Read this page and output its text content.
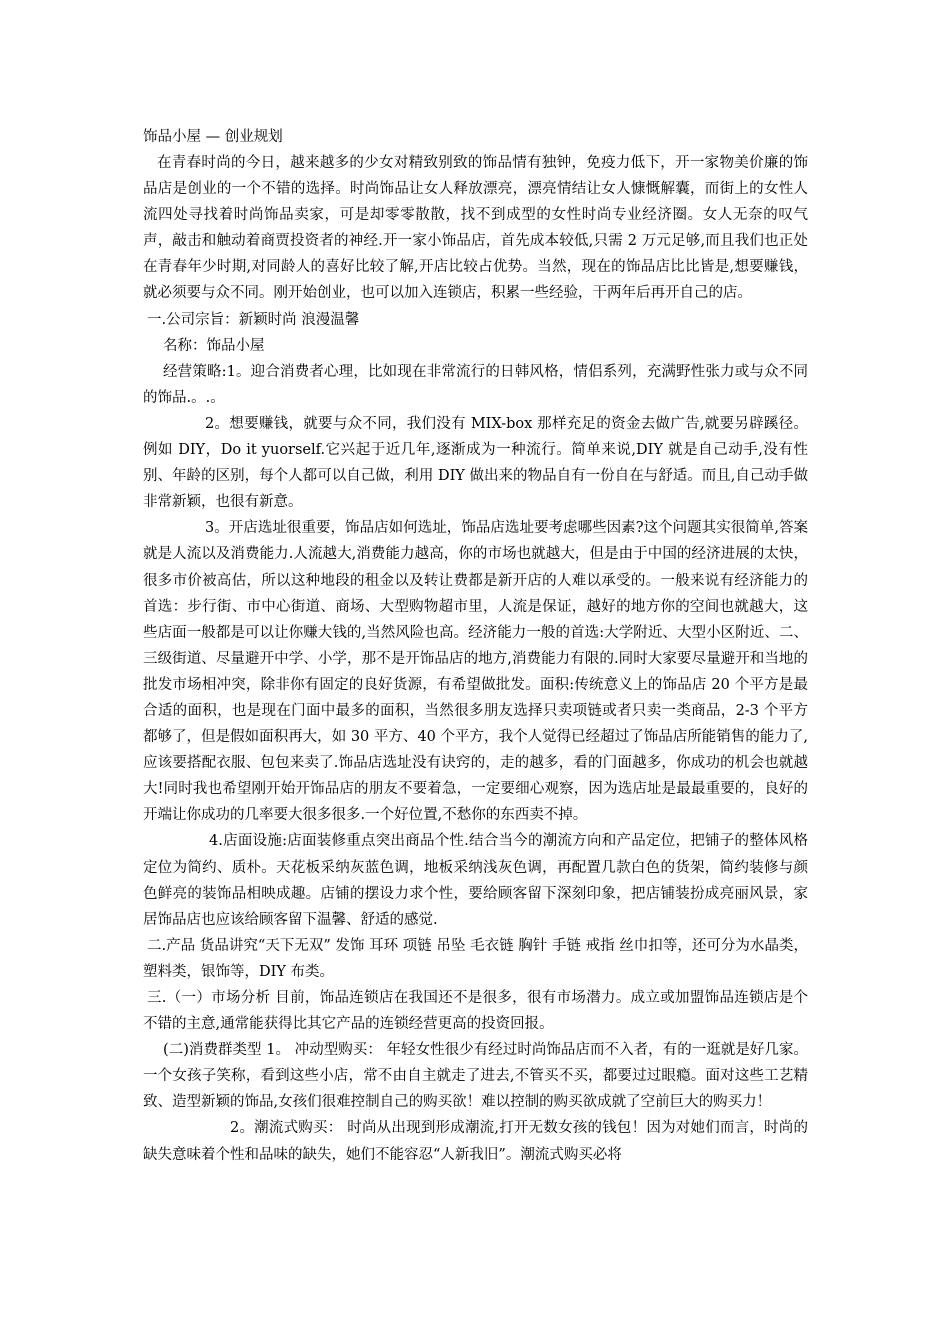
饰品小屋 — 创业规划
在青春时尚的今日，越来越多的少女对精致别致的饰品情有独钟，免疫力低下，开一家物美价廉的饰品店是创业的一个不错的选择。时尚饰品让女人释放漂亮，漂亮情结让女人慷慨解囊，而街上的女性人流四处寻找着时尚饰品卖家，可是却零零散散，找不到成型的女性时尚专业经济圈。女人无奈的叹气声，敲击和触动着商贾投资者的神经.开一家小饰品店，首先成本较低,只需 2 万元足够,而且我们也正处在青春年少时期,对同龄人的喜好比较了解,开店比较占优势。当然，现在的饰品店比比皆是,想要赚钱，就必须要与众不同。刚开始创业，也可以加入连锁店，积累一些经验，干两年后再开自己的店。
一.公司宗旨：新颖时尚 浪漫温馨
名称：饰品小屋
经营策略:1。迎合消费者心理，比如现在非常流行的日韩风格，情侣系列，充满野性张力或与众不同的饰品.。.。
2。想要赚钱，就要与众不同，我们没有 MIX-box 那样充足的资金去做广告,就要另辟蹊径。例如 DIY，Do it yuorself.它兴起于近几年,逐渐成为一种流行。简单来说,DIY 就是自己动手,没有性别、年龄的区别，每个人都可以自己做，利用 DIY 做出来的物品自有一份自在与舒适。而且,自己动手做非常新颖，也很有新意。
3。开店选址很重要，饰品店如何选址，饰品店选址要考虑哪些因素?这个问题其实很简单,答案就是人流以及消费能力.人流越大,消费能力越高，你的市场也就越大，但是由于中国的经济进展的太快，很多市价被高估，所以这种地段的租金以及转让费都是新开店的人难以承受的。一般来说有经济能力的首选：步行街、市中心街道、商场、大型购物超市里，人流是保证，越好的地方你的空间也就越大，这些店面一般都是可以让你赚大钱的,当然风险也高。经济能力一般的首选:大学附近、大型小区附近、二、三级街道、尽量避开中学、小学，那不是开饰品店的地方,消费能力有限的.同时大家要尽量避开和当地的批发市场相冲突，除非你有固定的良好货源，有希望做批发。面积:传统意义上的饰品店 20 个平方是最合适的面积，也是现在门面中最多的面积，当然很多朋友选择只卖项链或者只卖一类商品，2-3 个平方都够了，但是假如面积再大，如 30 平方、40 个平方，我个人觉得已经超过了饰品店所能销售的能力了,应该要搭配衣服、包包来卖了.饰品店选址没有诀窍的，走的越多，看的门面越多，你成功的机会也就越大!同时我也希望刚开始开饰品店的朋友不要着急，一定要细心观察，因为选店址是最最重要的，良好的开端让你成功的几率要大很多很多.一个好位置,不愁你的东西卖不掉。
4.店面设施:店面装修重点突出商品个性.结合当今的潮流方向和产品定位，把铺子的整体风格定位为简约、质朴。天花板采纳灰蓝色调，地板采纳浅灰色调，再配置几款白色的货架，简约装修与颜色鲜亮的装饰品相映成趣。店铺的摆设力求个性，要给顾客留下深刻印象，把店铺装扮成亮丽风景，家居饰品店也应该给顾客留下温馨、舒适的感觉.
二.产品 货品讲究“天下无双” 发饰 耳环 项链 吊坠 毛衣链 胸针 手链 戒指 丝巾扣等，还可分为水晶类，塑料类，银饰等，DIY 布类。
三.（一）市场分析 目前，饰品连锁店在我国还不是很多，很有市场潜力。成立或加盟饰品连锁店是个不错的主意,通常能获得比其它产品的连锁经营更高的投资回报。
(二)消费群类型 1。 冲动型购买： 年轻女性很少有经过时尚饰品店而不入者，有的一逛就是好几家。一个女孩子笑称，看到这些小店，常不由自主就走了进去,不管买不买，都要过过眼瘾。面对这些工艺精致、造型新颖的饰品,女孩们很难控制自己的购买欲！难以控制的购买欲成就了空前巨大的购买力！
2。潮流式购买： 时尚从出现到形成潮流,打开无数女孩的钱包！因为对她们而言，时尚的缺失意味着个性和品味的缺失，她们不能容忍“人新我旧”。潮流式购买必将
